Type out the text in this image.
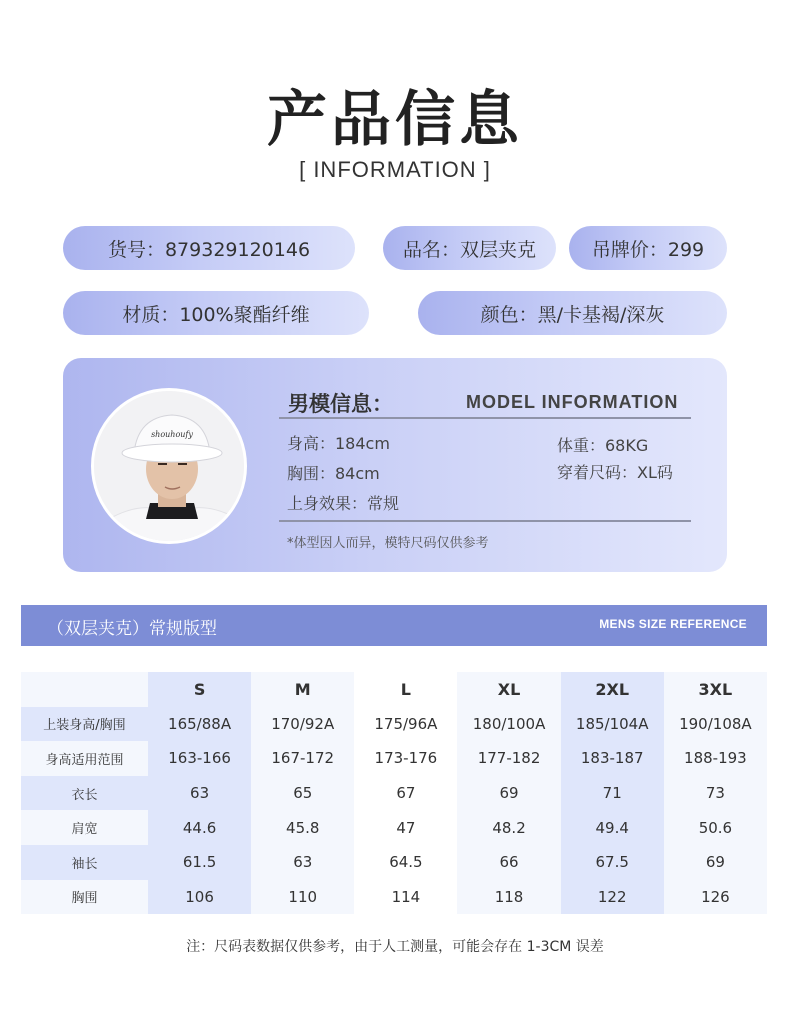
产品信息
[ INFORMATION ]
货号：879329120146	品名：双层夹克	吊牌价：299
材质：100%聚酯纤维	颜色：黑/卡基褐/深灰
shouhoufy
男模信息：	MODEL INFORMATION
身高：184cm	体重：68KG
胸围：84cm	穿着尺码：XL码
上身效果：常规
*体型因人而异，模特尺码仅供参考
（双层夹克）常规版型	MENS SIZE REFERENCE
	S	M	L	XL	2XL	3XL
上装身高/胸围	165/88A	170/92A	175/96A	180/100A	185/104A	190/108A
身高适用范围	163-166	167-172	173-176	177-182	183-187	188-193
衣长	63	65	67	69	71	73
肩宽	44.6	45.8	47	48.2	49.4	50.6
袖长	61.5	63	64.5	66	67.5	69
胸围	106	110	114	118	122	126
注：尺码表数据仅供参考，由于人工测量，可能会存在 1-3CM 误差
